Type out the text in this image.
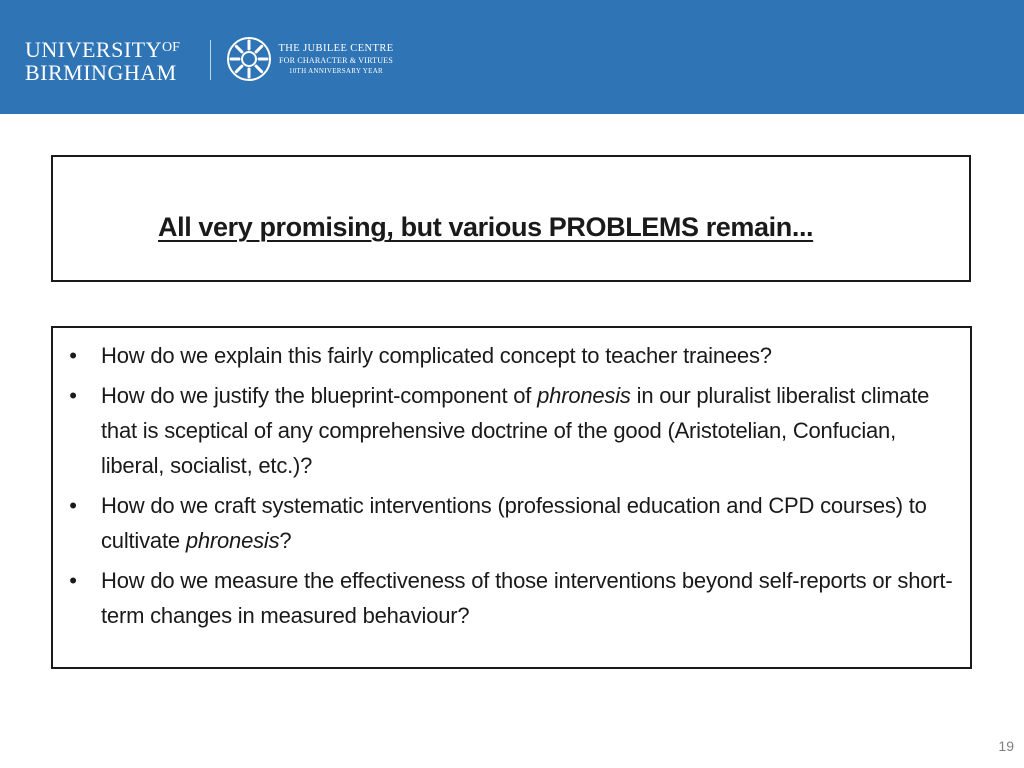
$UNIVERSITY^{OF}$
BIRMINGHAM
THE JUBILEE CENTRE
FOR CHARACTER & VIRTUES
10TH ANNIVERSARY YEAR
All very promising, but various PROBLEMS remain...
• How do we explain this fairly complicated concept to teacher trainees?
• How do we justify the blueprint-component of phronesis in our pluralist liberalist climate that is sceptical of any comprehensive doctrine of the good (Aristotelian, Confucian, liberal, socialist, etc.)?
• How do we craft systematic interventions (professional education and CPD courses) to cultivate phronesis?
• How do we measure the effectiveness of those interventions beyond self-reports or short-term changes in measured behaviour?
19
